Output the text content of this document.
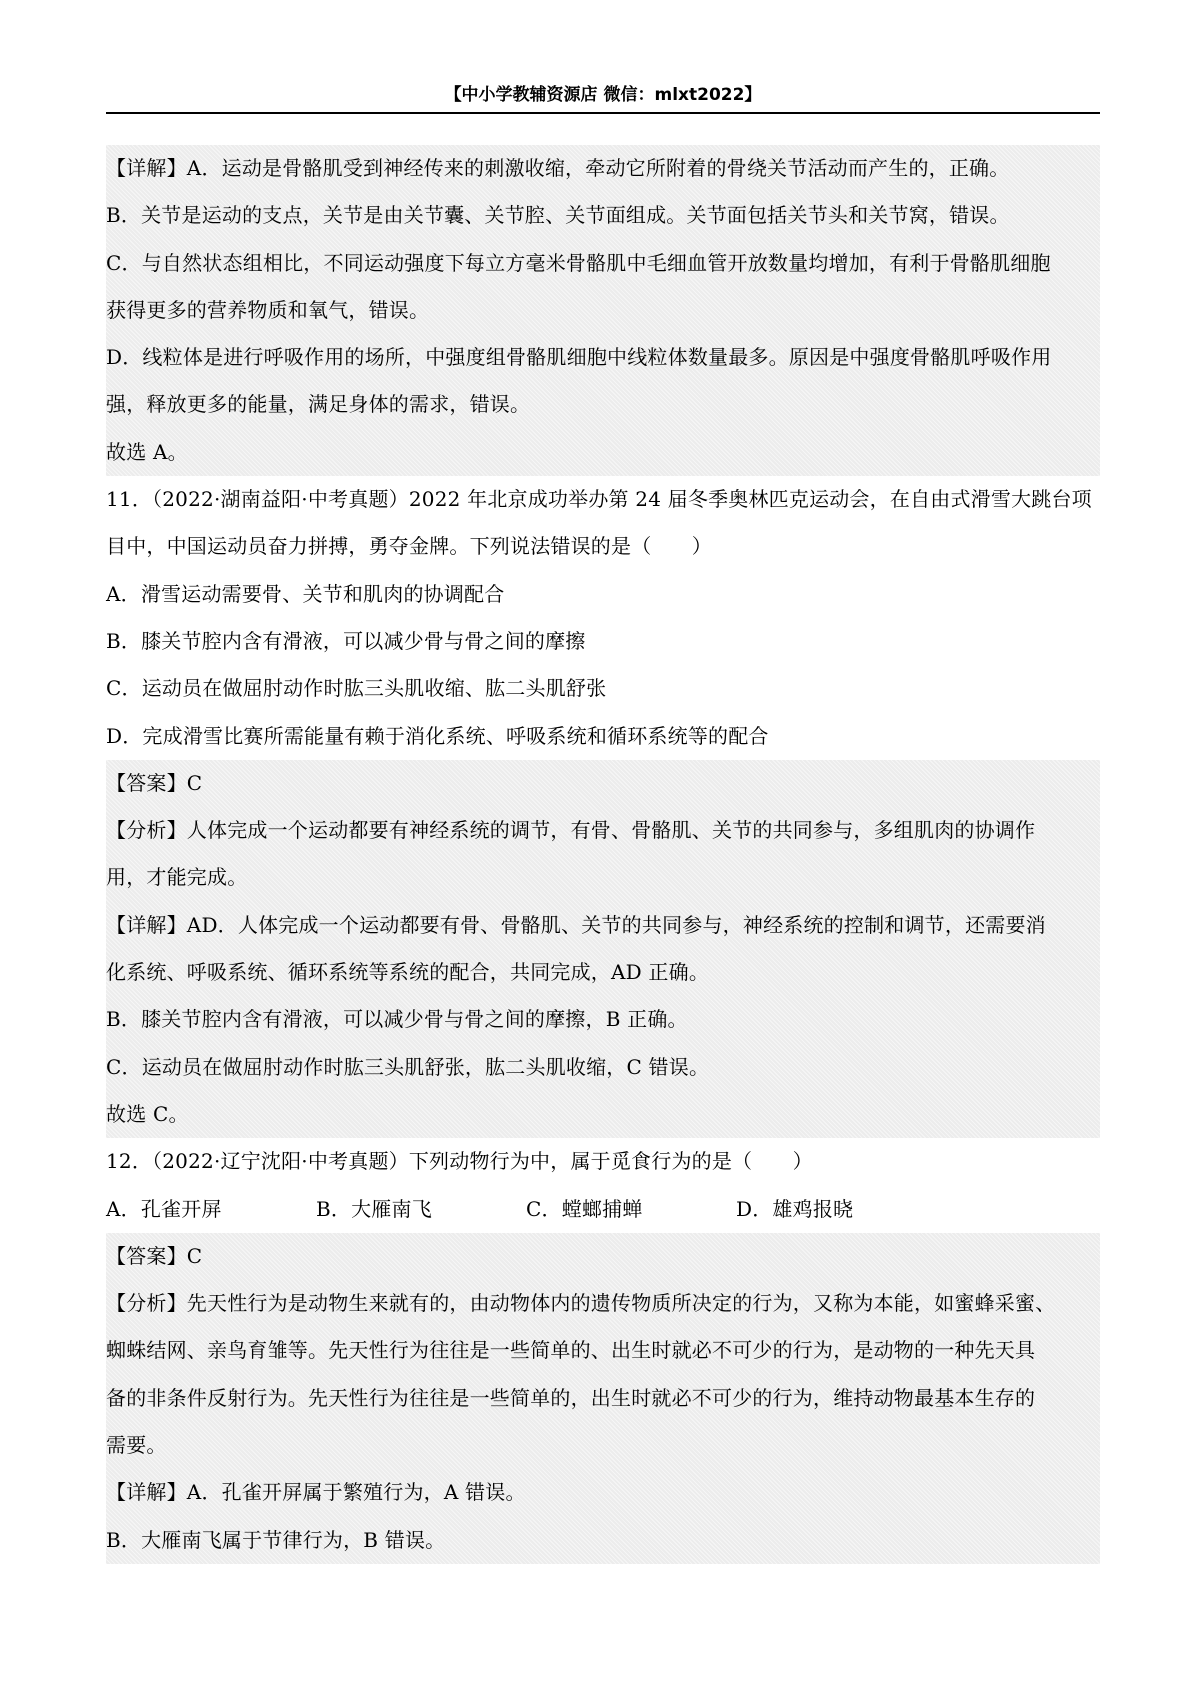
【中小学教辅资源店 微信：mlxt2022】
【详解】A．运动是骨骼肌受到神经传来的刺激收缩，牵动它所附着的骨绕关节活动而产生的，正确。
B．关节是运动的支点，关节是由关节囊、关节腔、关节面组成。关节面包括关节头和关节窝，错误。
C．与自然状态组相比，不同运动强度下每立方毫米骨骼肌中毛细血管开放数量均增加，有利于骨骼肌细胞
获得更多的营养物质和氧气，错误。
D．线粒体是进行呼吸作用的场所，中强度组骨骼肌细胞中线粒体数量最多。原因是中强度骨骼肌呼吸作用
强，释放更多的能量，满足身体的需求，错误。
故选 A。
11．（2022·湖南益阳·中考真题）2022 年北京成功举办第 24 届冬季奥林匹克运动会，在自由式滑雪大跳台项
目中，中国运动员奋力拼搏，勇夺金牌。下列说法错误的是（　　）
A．滑雪运动需要骨、关节和肌肉的协调配合
B．膝关节腔内含有滑液，可以减少骨与骨之间的摩擦
C．运动员在做屈肘动作时肱三头肌收缩、肱二头肌舒张
D．完成滑雪比赛所需能量有赖于消化系统、呼吸系统和循环系统等的配合
【答案】C
【分析】人体完成一个运动都要有神经系统的调节，有骨、骨骼肌、关节的共同参与，多组肌肉的协调作
用，才能完成。
【详解】AD．人体完成一个运动都要有骨、骨骼肌、关节的共同参与，神经系统的控制和调节，还需要消
化系统、呼吸系统、循环系统等系统的配合，共同完成，AD 正确。
B．膝关节腔内含有滑液，可以减少骨与骨之间的摩擦，B 正确。
C．运动员在做屈肘动作时肱三头肌舒张，肱二头肌收缩，C 错误。
故选 C。
12．（2022·辽宁沈阳·中考真题）下列动物行为中，属于觅食行为的是（　　）
A．孔雀开屏	B．大雁南飞	C．螳螂捕蝉	D．雄鸡报晓
【答案】C
【分析】先天性行为是动物生来就有的，由动物体内的遗传物质所决定的行为，又称为本能，如蜜蜂采蜜、
蜘蛛结网、亲鸟育雏等。先天性行为往往是一些简单的、出生时就必不可少的行为，是动物的一种先天具
备的非条件反射行为。先天性行为往往是一些简单的，出生时就必不可少的行为，维持动物最基本生存的
需要。
【详解】A．孔雀开屏属于繁殖行为，A 错误。
B．大雁南飞属于节律行为，B 错误。
